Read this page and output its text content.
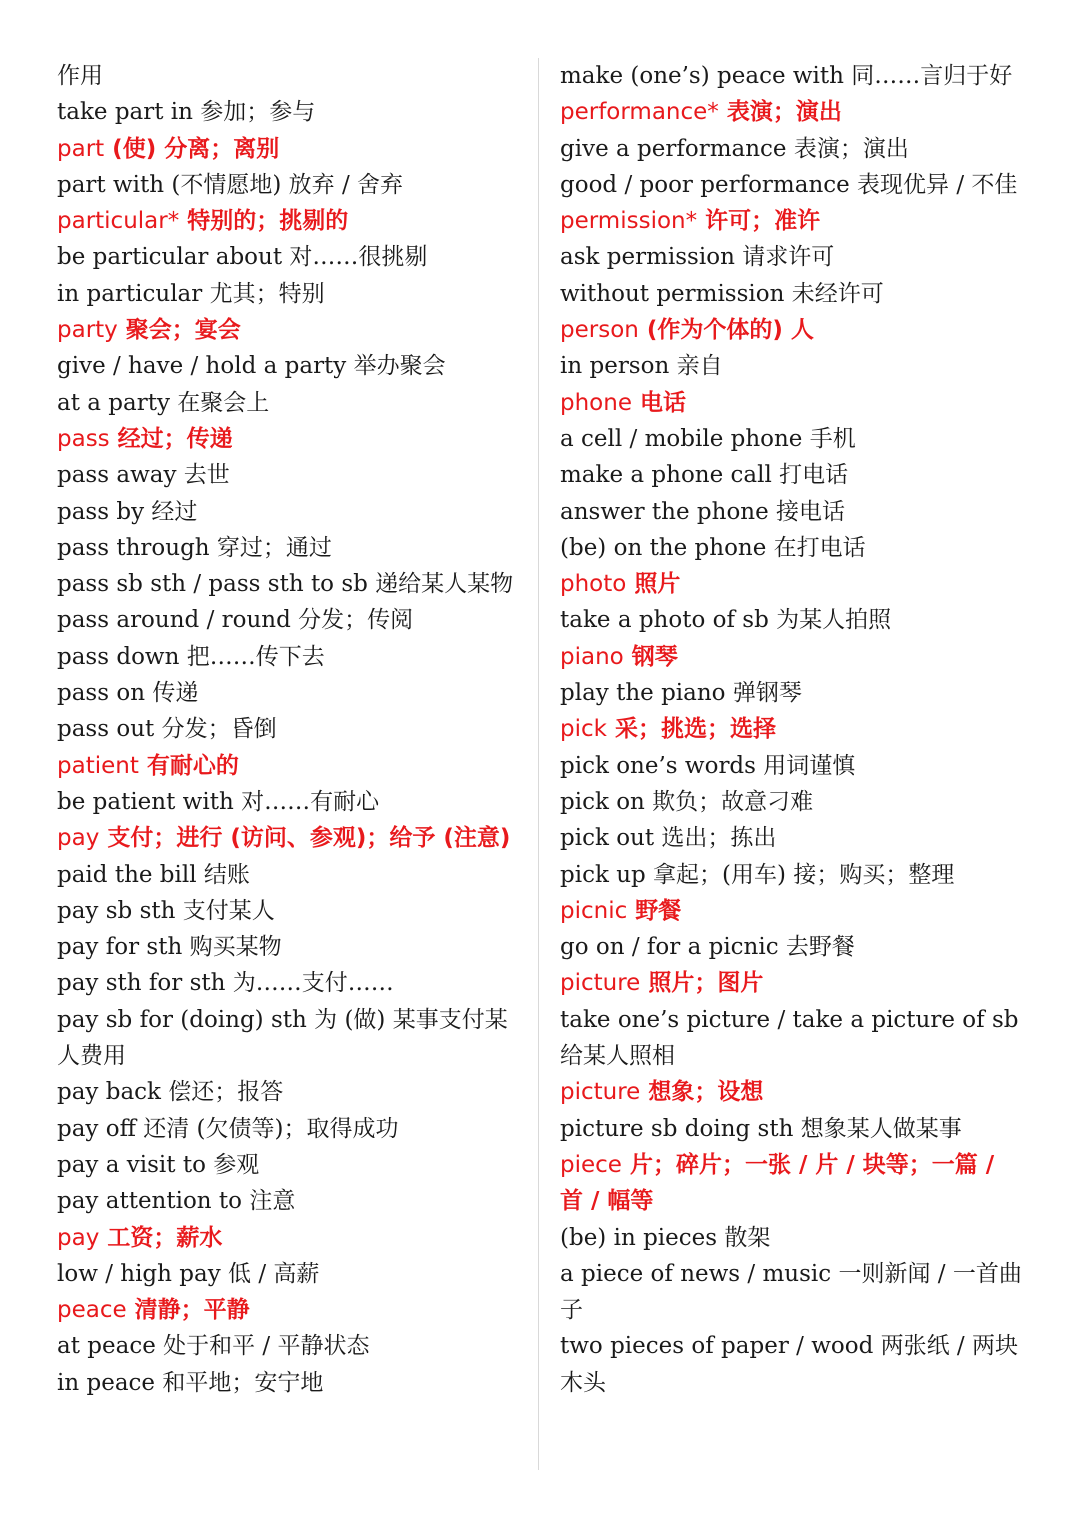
作用
take part in 参加；参与
part (使) 分离；离别
part with (不情愿地) 放弃 / 舍弃
particular* 特别的；挑剔的
be particular about 对……很挑剔
in particular 尤其；特别
party 聚会；宴会
give / have / hold a party 举办聚会
at a party 在聚会上
pass 经过；传递
pass away 去世
pass by 经过
pass through 穿过；通过
pass sb sth / pass sth to sb 递给某人某物
pass around / round 分发；传阅
pass down 把……传下去
pass on 传递
pass out 分发；昏倒
patient 有耐心的
be patient with 对……有耐心
pay 支付；进行 (访问、参观)；给予 (注意)
paid the bill 结账
pay sb sth 支付某人
pay for sth 购买某物
pay sth for sth 为……支付……
pay sb for (doing) sth 为 (做) 某事支付某人费用
pay back 偿还；报答
pay off 还清 (欠债等)；取得成功
pay a visit to 参观
pay attention to 注意
pay 工资；薪水
low / high pay 低 / 高薪
peace 清静；平静
at peace 处于和平 / 平静状态
in peace 和平地；安宁地
make (one’s) peace with 同……言归于好
performance* 表演；演出
give a performance 表演；演出
good / poor performance 表现优异 / 不佳
permission* 许可；准许
ask permission 请求许可
without permission 未经许可
person (作为个体的) 人
in person 亲自
phone 电话
a cell / mobile phone 手机
make a phone call 打电话
answer the phone 接电话
(be) on the phone 在打电话
photo 照片
take a photo of sb 为某人拍照
piano 钢琴
play the piano 弹钢琴
pick 采；挑选；选择
pick one’s words 用词谨慎
pick on 欺负；故意刁难
pick out 选出；拣出
pick up 拿起；(用车) 接；购买；整理
picnic 野餐
go on / for a picnic 去野餐
picture 照片；图片
take one’s picture / take a picture of sb 给某人照相
picture 想象；设想
picture sb doing sth 想象某人做某事
piece 片；碎片；一张 / 片 / 块等；一篇 / 首 / 幅等
(be) in pieces 散架
a piece of news / music 一则新闻 / 一首曲子
two pieces of paper / wood 两张纸 / 两块木头
